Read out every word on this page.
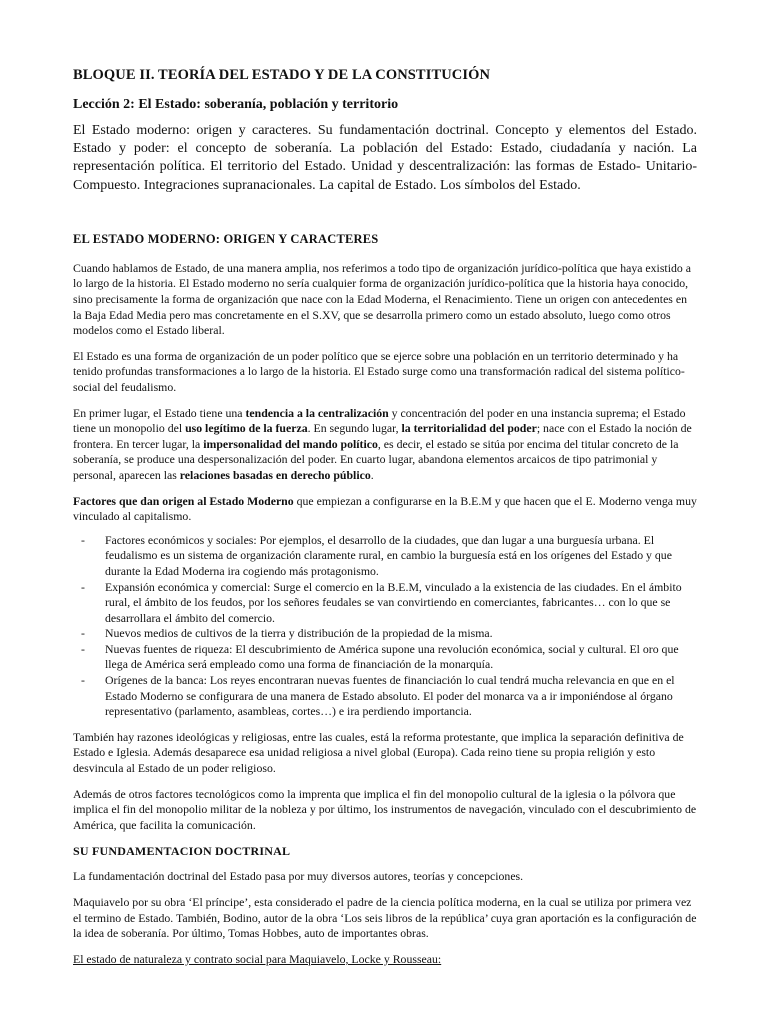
BLOQUE II. TEORÍA DEL ESTADO Y DE LA CONSTITUCIÓN
Lección 2: El Estado: soberanía, población y territorio
El Estado moderno: origen y caracteres. Su fundamentación doctrinal. Concepto y elementos del Estado. Estado y poder: el concepto de soberanía. La población del Estado: Estado, ciudadanía y nación. La representación política. El territorio del Estado. Unidad y descentralización: las formas de Estado- Unitario-Compuesto. Integraciones supranacionales. La capital de Estado. Los símbolos del Estado.
EL ESTADO MODERNO: ORIGEN Y CARACTERES

Cuando hablamos de Estado, de una manera amplia, nos referimos a todo tipo de organización jurídico-política que haya existido a lo largo de la historia. El Estado moderno no sería cualquier forma de organización jurídico-política que la historia haya conocido, sino precisamente la forma de organización que nace con la Edad Moderna, el Renacimiento. Tiene un origen con antecedentes en la Baja Edad Media pero mas concretamente en el S.XV, que se desarrolla primero como un estado absoluto, luego como otros modelos como el Estado liberal.

El Estado es una forma de organización de un poder político que se ejerce sobre una población en un territorio determinado y ha tenido profundas transformaciones a lo largo de la historia. El Estado surge como una transformación radical del sistema político-social del feudalismo.

En primer lugar, el Estado tiene una tendencia a la centralización y concentración del poder en una instancia suprema; el Estado tiene un monopolio del uso legítimo de la fuerza. En segundo lugar, la territorialidad del poder; nace con el Estado la noción de frontera. En tercer lugar, la impersonalidad del mando político, es decir, el estado se sitúa por encima del titular concreto de la soberanía, se produce una despersonalización del poder. En cuarto lugar, abandona elementos arcaicos de tipo patrimonial y personal, aparecen las relaciones basadas en derecho público.

Factores que dan origen al Estado Moderno que empiezan a configurarse en la B.E.M y que hacen que el E. Moderno venga muy vinculado al capitalismo.

- Factores económicos y sociales: Por ejemplos, el desarrollo de la ciudades, que dan lugar a una burguesía urbana. El feudalismo es un sistema de organización claramente rural, en cambio la burguesía está en los orígenes del Estado y que durante la Edad Moderna ira cogiendo más protagonismo.
- Expansión económica y comercial: Surge el comercio en la B.E.M, vinculado a la existencia de las ciudades. En el ámbito rural, el ámbito de los feudos, por los señores feudales se van convirtiendo en comerciantes, fabricantes… con lo que se desarrollara el ámbito del comercio.
- Nuevos medios de cultivos de la tierra y distribución de la propiedad de la misma.
- Nuevas fuentes de riqueza: El descubrimiento de América supone una revolución económica, social y cultural. El oro que llega de América será empleado como una forma de financiación de la monarquía.
- Orígenes de la banca: Los reyes encontraran nuevas fuentes de financiación lo cual tendrá mucha relevancia en que en el Estado Moderno se configurara de una manera de Estado absoluto. El poder del monarca va a ir imponiéndose al órgano representativo (parlamento, asambleas, cortes…) e ira perdiendo importancia.

También hay razones ideológicas y religiosas, entre las cuales, está la reforma protestante, que implica la separación definitiva de Estado e Iglesia. Además desaparece esa unidad religiosa a nivel global (Europa). Cada reino tiene su propia religión y esto desvincula al Estado de un poder religioso.

Además de otros factores tecnológicos como la imprenta que implica el fin del monopolio cultural de la iglesia o la pólvora que implica el fin del monopolio militar de la nobleza y por último, los instrumentos de navegación, vinculado con el descubrimiento de América, que facilita la comunicación.

SU FUNDAMENTACION DOCTRINAL

La fundamentación doctrinal del Estado pasa por muy diversos autores, teorías y concepciones.

Maquiavelo por su obra ‘El príncipe’, esta considerado el padre de la ciencia política moderna, en la cual se utiliza por primera vez el termino de Estado. También, Bodino, autor de la obra ‘Los seis libros de la república’ cuya gran aportación es la configuración de la idea de soberanía. Por último, Tomas Hobbes, auto de importantes obras.

El estado de naturaleza y contrato social para Maquiavelo, Locke y Rousseau:
